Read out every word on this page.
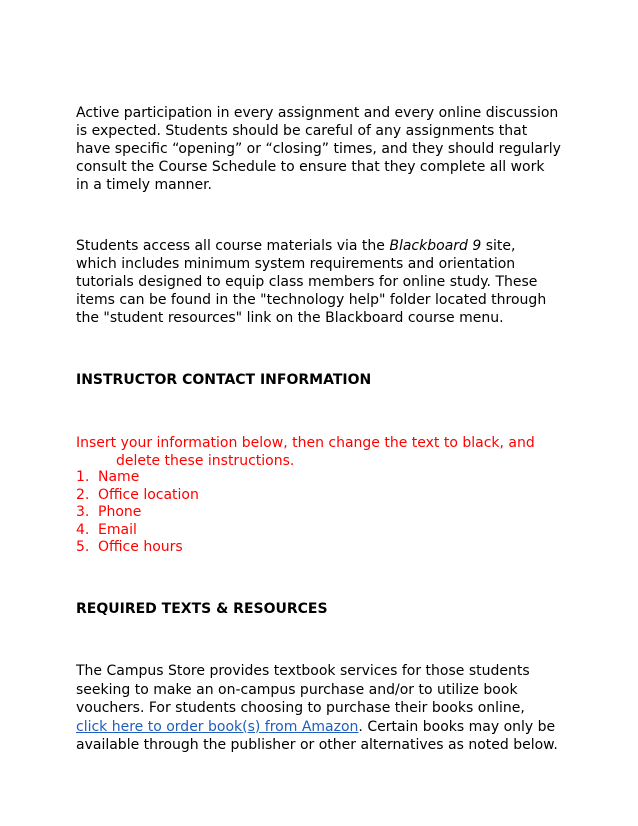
Active participation in every assignment and every online discussion

is expected. Students should be careful of any assignments that

have specific “opening” or “closing” times, and they should regularly

consult the Course Schedule to ensure that they complete all work

in a timely manner.

Students access all course materials via the Blackboard 9 site,

which includes minimum system requirements and orientation

tutorials designed to equip class members for online study. These

items can be found in the "technology help" folder located through

the "student resources" link on the Blackboard course menu.

INSTRUCTOR CONTACT INFORMATION

Insert your information below, then change the text to black, and

delete these instructions.

1. Name
2. Office location
3. Phone
4. Email
5. Office hours
REQUIRED TEXTS & RESOURCES

The Campus Store provides textbook services for those students

seeking to make an on-campus purchase and/or to utilize book

vouchers. For students choosing to purchase their books online,

click here to order book(s) from Amazon. Certain books may only be

available through the publisher or other alternatives as noted below.
